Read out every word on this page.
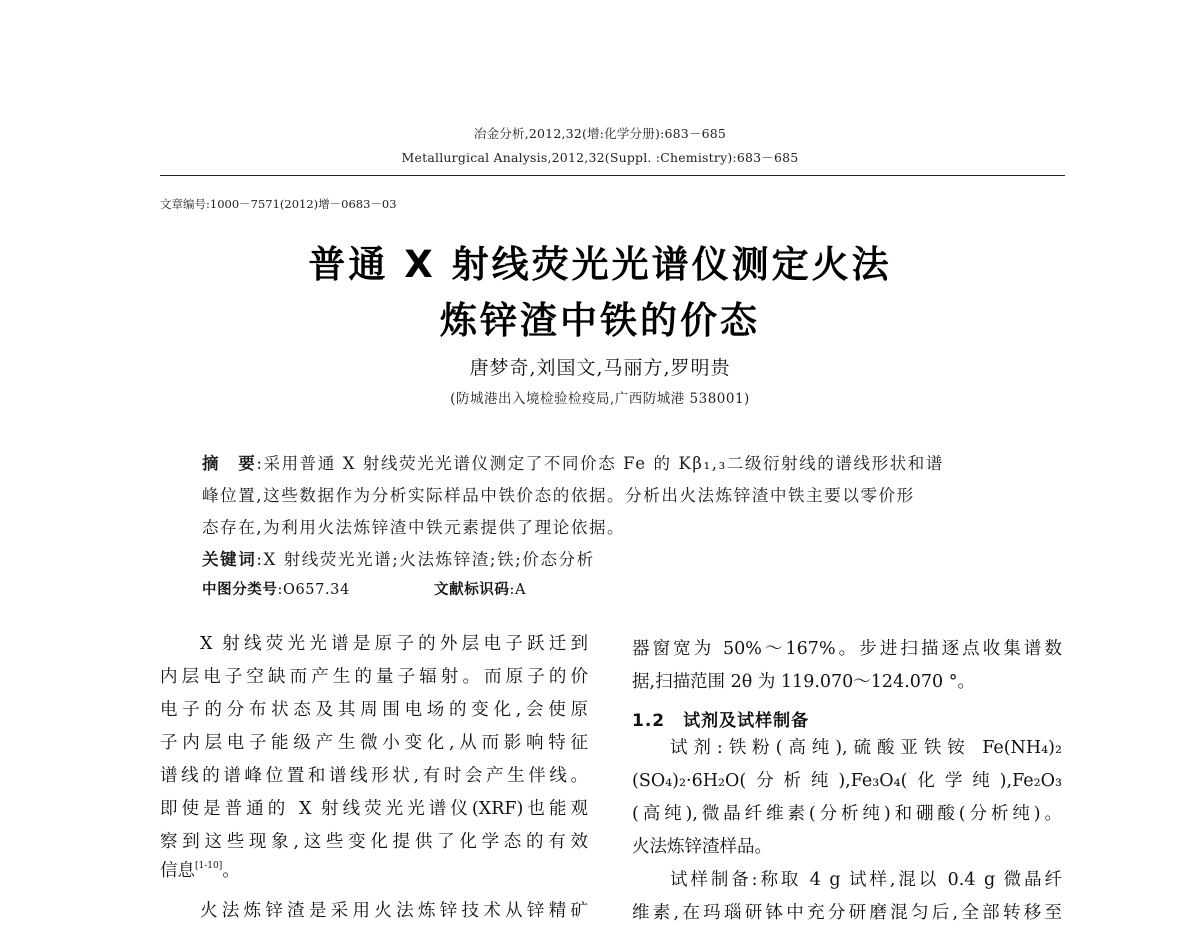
冶金分析,2012,32(增:化学分册):683－685
Metallurgical Analysis,2012,32(Suppl. :Chemistry):683－685
文章编号:1000－7571(2012)增－0683－03
普通 X 射线荧光光谱仪测定火法
炼锌渣中铁的价态
唐梦奇,刘国文,马丽方,罗明贵
(防城港出入境检验检疫局,广西防城港 538001)
摘　要:采用普通 X 射线荧光光谱仪测定了不同价态 Fe 的 Kβ₁,₃二级衍射线的谱线形状和谱
峰位置,这些数据作为分析实际样品中铁价态的依据。分析出火法炼锌渣中铁主要以零价形
态存在,为利用火法炼锌渣中铁元素提供了理论依据。
关键词:X 射线荧光光谱;火法炼锌渣;铁;价态分析
中图分类号:O657.34	文献标识码:A
X 射线荧光光谱是原子的外层电子跃迁到
内层电子空缺而产生的量子辐射。而原子的价
电子的分布状态及其周围电场的变化,会使原
子内层电子能级产生微小变化,从而影响特征
谱线的谱峰位置和谱线形状,有时会产生伴线。
即使是普通的 X 射线荧光光谱仪(XRF)也能观
察到这些现象,这些变化提供了化学态的有效
信息[1-10]。
火法炼锌渣是采用火法炼锌技术从锌精矿
器窗宽为 50%～167%。步进扫描逐点收集谱数
据,扫描范围 2θ 为 119.070～124.070 °。
1.2　试剂及试样制备
试剂:铁粉(高纯),硫酸亚铁铵 Fe(NH₄)₂
(SO₄)₂·6H₂O(分析纯),Fe₃O₄(化学纯),Fe₂O₃
(高纯),微晶纤维素(分析纯)和硼酸(分析纯)。
火法炼锌渣样品。
试样制备:称取 4 g 试样,混以 0.4 g 微晶纤
维素,在玛瑙研钵中充分研磨混匀后,全部转移至
